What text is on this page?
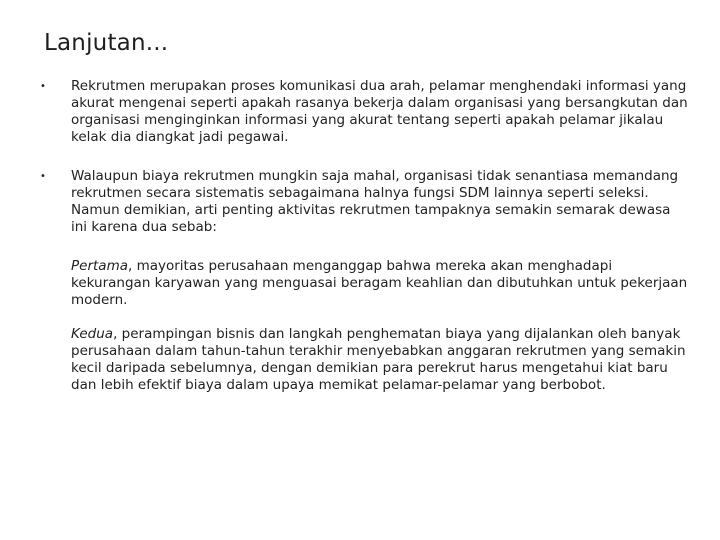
Lanjutan...
•	Rekrutmen merupakan proses komunikasi dua arah, pelamar menghendaki informasi yang akurat mengenai seperti apakah rasanya bekerja dalam organisasi yang bersangkutan dan organisasi menginginkan informasi yang akurat tentang seperti apakah pelamar jikalau kelak dia diangkat jadi pegawai.
•	Walaupun biaya rekrutmen mungkin saja mahal, organisasi tidak senantiasa memandang rekrutmen secara sistematis sebagaimana halnya fungsi SDM lainnya seperti seleksi. Namun demikian, arti penting aktivitas rekrutmen tampaknya semakin semarak dewasa ini karena dua sebab:
Pertama, mayoritas perusahaan menganggap bahwa mereka akan menghadapi kekurangan karyawan yang menguasai beragam keahlian dan dibutuhkan untuk pekerjaan modern.
Kedua, perampingan bisnis dan langkah penghematan biaya yang dijalankan oleh banyak perusahaan dalam tahun-tahun terakhir menyebabkan anggaran rekrutmen yang semakin kecil daripada sebelumnya, dengan demikian para perekrut harus mengetahui kiat baru dan lebih efektif biaya dalam upaya memikat pelamar-pelamar yang berbobot.
